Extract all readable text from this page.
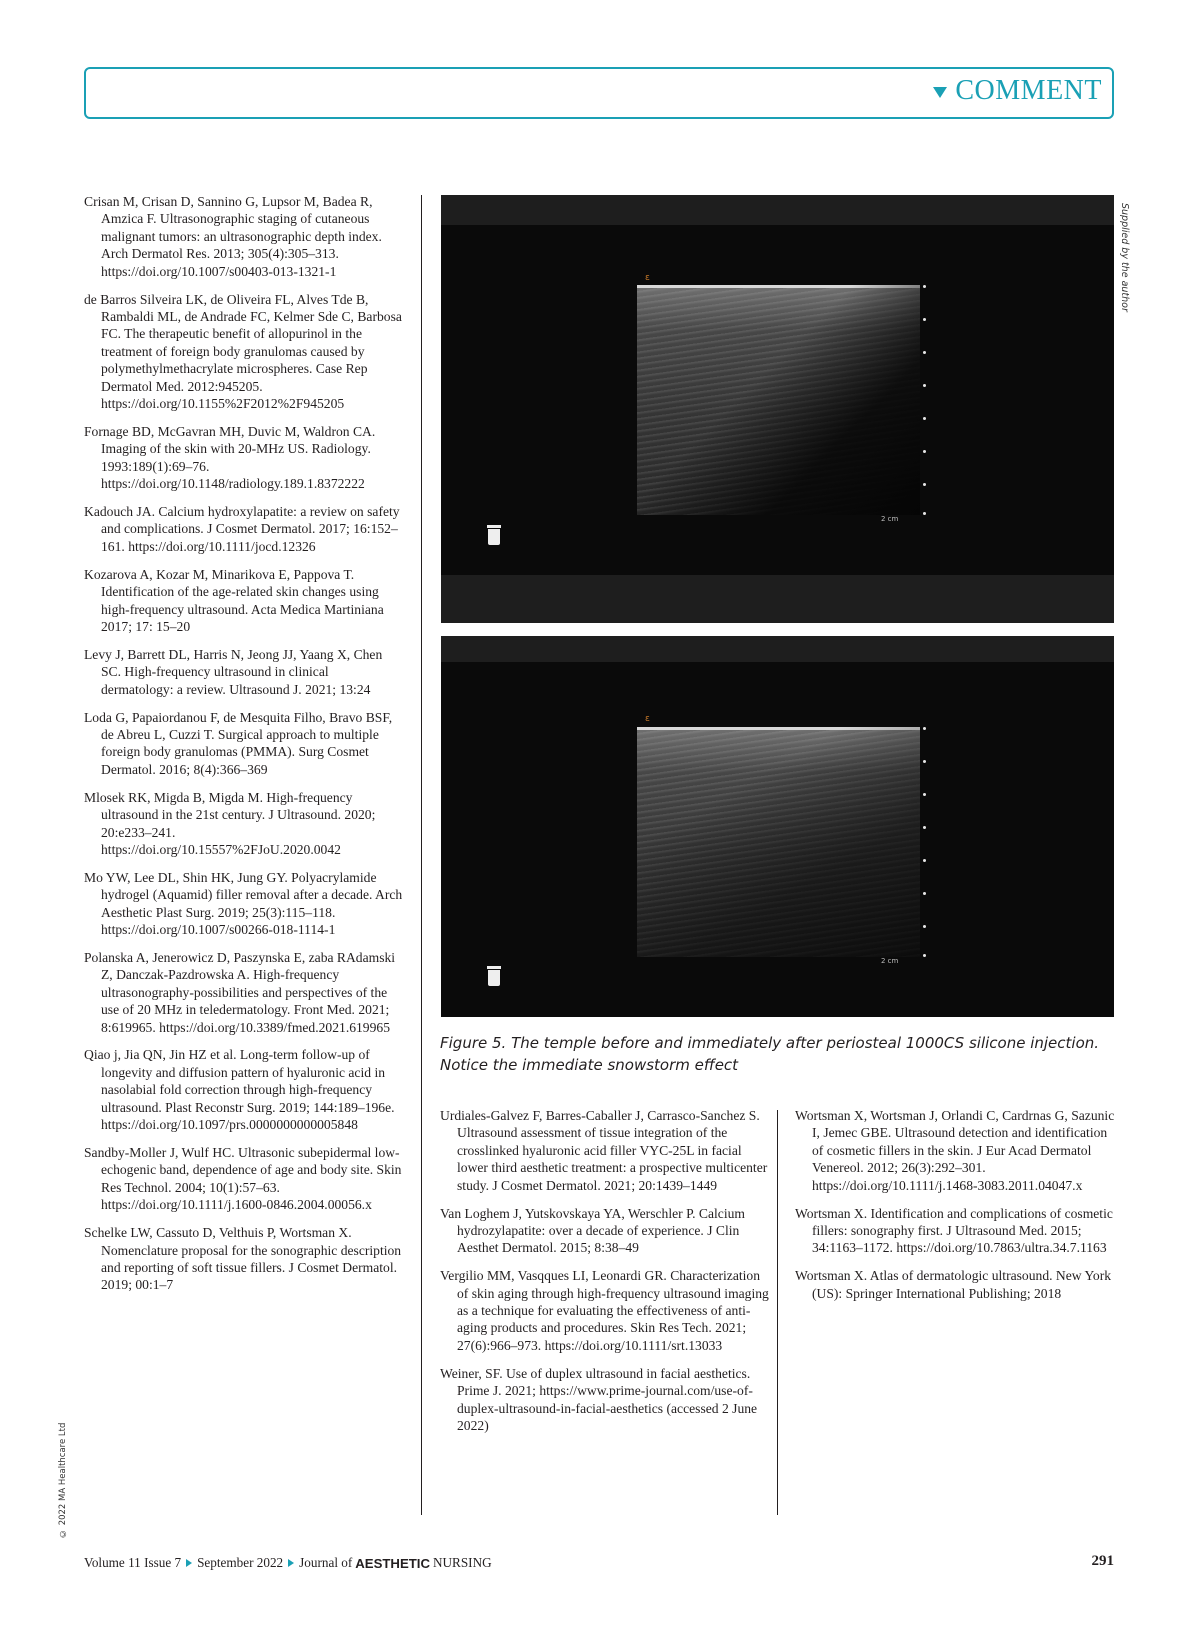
COMMENT

Crisan M, Crisan D, Sannino G, Lupsor M, Badea R, Amzica F. Ultrasonographic staging of cutaneous malignant tumors: an ultrasonographic depth index. Arch Dermatol Res. 2013; 305(4):305–313. https://doi.org/10.1007/s00403-013-1321-1

de Barros Silveira LK, de Oliveira FL, Alves Tde B, Rambaldi ML, de Andrade FC, Kelmer Sde C, Barbosa FC. The therapeutic benefit of allopurinol in the treatment of foreign body granulomas caused by polymethylmethacrylate microspheres. Case Rep Dermatol Med. 2012:945205. https://doi.org/10.1155%2F2012%2F945205

Fornage BD, McGavran MH, Duvic M, Waldron CA. Imaging of the skin with 20-MHz US. Radiology. 1993:189(1):69–76. https://doi.org/10.1148/radiology.189.1.8372222

Kadouch JA. Calcium hydroxylapatite: a review on safety and complications. J Cosmet Dermatol. 2017; 16:152–161. https://doi.org/10.1111/jocd.12326

Kozarova A, Kozar M, Minarikova E, Pappova T. Identification of the age-related skin changes using high-frequency ultrasound. Acta Medica Martiniana 2017; 17: 15–20

Levy J, Barrett DL, Harris N, Jeong JJ, Yaang X, Chen SC. High-frequency ultrasound in clinical dermatology: a review. Ultrasound J. 2021; 13:24

Loda G, Papaiordanou F, de Mesquita Filho, Bravo BSF, de Abreu L, Cuzzi T. Surgical approach to multiple foreign body granulomas (PMMA). Surg Cosmet Dermatol. 2016; 8(4):366–369

Mlosek RK, Migda B, Migda M. High-frequency ultrasound in the 21st century. J Ultrasound. 2020; 20:e233–241. https://doi.org/10.15557%2FJoU.2020.0042

Mo YW, Lee DL, Shin HK, Jung GY. Polyacrylamide hydrogel (Aquamid) filler removal after a decade. Arch Aesthetic Plast Surg. 2019; 25(3):115–118. https://doi.org/10.1007/s00266-018-1114-1

Polanska A, Jenerowicz D, Paszynska E, zaba RAdamski Z, Danczak-Pazdrowska A. High-frequency ultrasonography-possibilities and perspectives of the use of 20 MHz in teledermatology. Front Med. 2021; 8:619965. https://doi.org/10.3389/fmed.2021.619965

Qiao j, Jia QN, Jin HZ et al. Long-term follow-up of longevity and diffusion pattern of hyaluronic acid in nasolabial fold correction through high-frequency ultrasound. Plast Reconstr Surg. 2019; 144:189–196e. https://doi.org/10.1097/prs.0000000000005848

Sandby-Moller J, Wulf HC. Ultrasonic subepidermal low-echogenic band, dependence of age and body site. Skin Res Technol. 2004; 10(1):57–63. https://doi.org/10.1111/j.1600-0846.2004.00056.x

Schelke LW, Cassuto D, Velthuis P, Wortsman X. Nomenclature proposal for the sonographic description and reporting of soft tissue fillers. J Cosmet Dermatol. 2019; 00:1–7

ε
2 cm
ε
2 cm
Supplied by the author
Figure 5. The temple before and immediately after periosteal 1000CS silicone injection. Notice the immediate snowstorm effect

Urdiales-Galvez F, Barres-Caballer J, Carrasco-Sanchez S. Ultrasound assessment of tissue integration of the crosslinked hyaluronic acid filler VYC-25L in facial lower third aesthetic treatment: a prospective multicenter study. J Cosmet Dermatol. 2021; 20:1439–1449

Van Loghem J, Yutskovskaya YA, Werschler P. Calcium hydrozylapatite: over a decade of experience. J Clin Aesthet Dermatol. 2015; 8:38–49

Vergilio MM, Vasqques LI, Leonardi GR. Characterization of skin aging through high-frequency ultrasound imaging as a technique for evaluating the effectiveness of anti-aging products and procedures. Skin Res Tech. 2021; 27(6):966–973. https://doi.org/10.1111/srt.13033

Weiner, SF. Use of duplex ultrasound in facial aesthetics. Prime J. 2021; https://www.prime-journal.com/use-of-duplex-ultrasound-in-facial-aesthetics (accessed 2 June 2022)

Wortsman X, Wortsman J, Orlandi C, Cardrnas G, Sazunic I, Jemec GBE. Ultrasound detection and identification of cosmetic fillers in the skin. J Eur Acad Dermatol Venereol. 2012; 26(3):292–301. https://doi.org/10.1111/j.1468-3083.2011.04047.x

Wortsman X. Identification and complications of cosmetic fillers: sonography first. J Ultrasound Med. 2015; 34:1163–1172. https://doi.org/10.7863/ultra.34.7.1163

Wortsman X. Atlas of dermatologic ultrasound. New York (US): Springer International Publishing; 2018

© 2022 MA Healthcare Ltd
Volume 11 Issue 7 September 2022 Journal of AESTHETIC NURSING	291
